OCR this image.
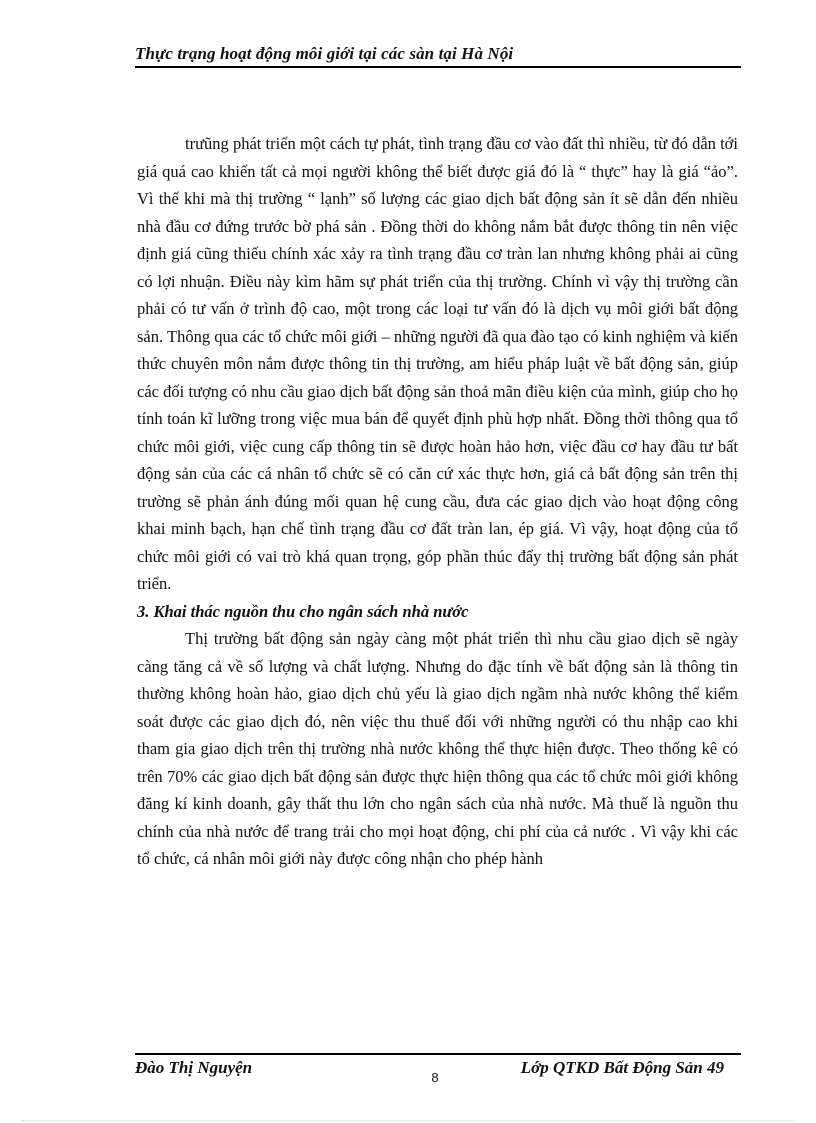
Thực trạng hoạt động môi giới tại các sàn tại Hà Nội

trưũng phát triển một cách tự phát, tình trạng đầu cơ vào đất thì nhiều, từ đó dẫn tới giá quá cao khiến tất cả mọi người không thể biết được giá đó là “ thực” hay là giá “ảo”. Vì thế khi mà thị trường “ lạnh” số lượng các giao dịch bất động sản ít sẽ dẫn đến nhiều nhà đầu cơ đứng trước bờ phá sản . Đồng thời do không nắm bắt được thông tin nên việc định giá cũng thiếu chính xác xảy ra tình trạng đầu cơ tràn lan nhưng không phải ai cũng có lợi nhuận. Điều này kìm hãm sự phát triển của thị trường. Chính vì vậy thị trường cần phải có tư vấn ở trình độ cao, một trong các loại tư vấn đó là dịch vụ môi giới bất động sản. Thông qua các tổ chức môi giới – những người đã qua đào tạo có kinh nghiệm và kiến thức chuyên môn nắm được thông tin thị trường, am hiểu pháp luật về bất động sản, giúp các đối tượng có nhu cầu giao dịch bất động sản thoả mãn điều kiện của mình, giúp cho họ tính toán kĩ lưỡng trong việc mua bán để quyết định phù hợp nhất. Đồng thời thông qua tổ chức môi giới, việc cung cấp thông tin sẽ được hoàn hảo hơn, việc đầu cơ hay đầu tư bất động sản của các cá nhân tổ chức sẽ có căn cứ xác thực hơn, giá cả bất động sản trên thị trường sẽ phản ánh đúng mối quan hệ cung cầu, đưa các giao dịch vào hoạt động công khai minh bạch, hạn chế tình trạng đầu cơ đất tràn lan, ép giá. Vì vậy, hoạt động của tổ chức môi giới có vai trò khá quan trọng, góp phần thúc đẩy thị trường bất động sản phát triển.

3. Khai thác nguồn thu cho ngân sách nhà nước

Thị trường bất động sản ngày càng một phát triển thì nhu cầu giao dịch sẽ ngày càng tăng cả về số lượng và chất lượng. Nhưng do đặc tính về bất động sản là thông tin thường không hoàn hảo, giao dịch chủ yếu là giao dịch ngầm nhà nước không thể kiểm soát được các giao dịch đó, nên việc thu thuế đối với những người có thu nhập cao khi tham gia giao dịch trên thị trường nhà nước không thể thực hiện được. Theo thống kê có trên 70% các giao dịch bất động sản được thực hiện thông qua các tổ chức môi giới không đăng kí kinh doanh, gây thất thu lớn cho ngân sách của nhà nước. Mà thuế là nguồn thu chính của nhà nước để trang trải cho mọi hoạt động, chi phí của cả nước . Vì vậy khi các tổ chức, cá nhân môi giới này được công nhận cho phép hành

Đào Thị Nguyện
8
Lớp QTKD Bất Động Sản 49
